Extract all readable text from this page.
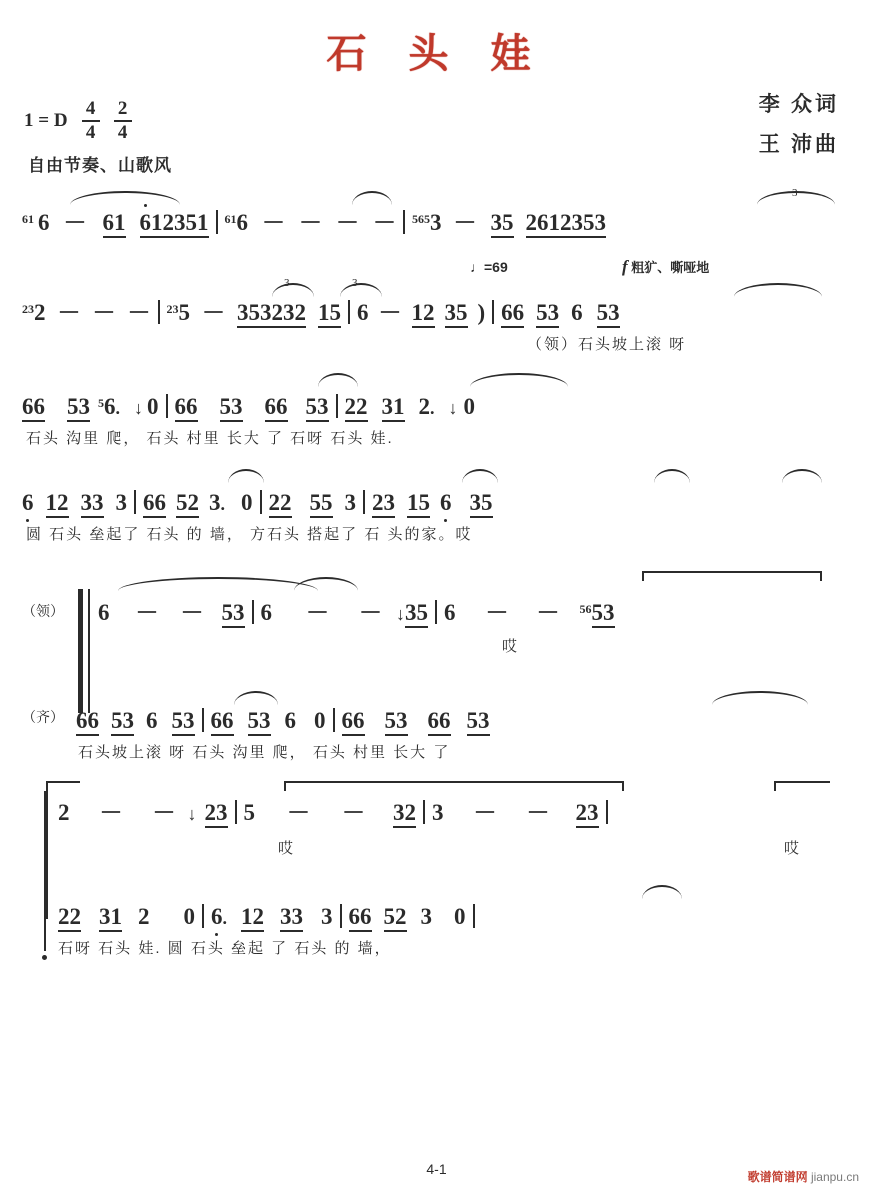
石 头 娃
1 = D $\frac{4}{4} \frac{2}{4}$	李 众词
王 沛曲
自由节奏、山歌风
3
$^{61}$ 6 － 61 612351 $^{61}$6 － － － － $^{565}$3 － 35 2612353
♩=69	f 粗犷、嘶哑地
3	3
$^{23}$2 － － － $^{23}$5 － 353232 15 6 － 12 35 ) 66 53 6 53
（领）石头坡上滚 呀
66 53 $^5$6. ↓ 0 66 53 66 53 22 31 2. ↓ 0
石头 沟里 爬， 石头 村里 长大 了 石呀 石头 娃.
6 12 33 3 66 52 3. 0 22 55 3 23 15 6 35
圆 石头 垒起了 石头 的 墙， 方石头 搭起了 石 头的家。哎
（领） 6 － － 53 6 － － ↓35 6 － － $^{56}$53
哎
（齐） 66 53 6 53 66 53 6 0 66 53 66 53
石头坡上滚 呀 石头 沟里 爬， 石头 村里 长大 了
2 － － ↓ 23 5 － － 32 3 － － 23
哎	哎
22 31 2 0 6. 12 33 3 66 52 3 0
石呀 石头 娃. 圆 石头 垒起 了 石头 的 墙，
4-1	歌谱简谱网 jianpu.cn
